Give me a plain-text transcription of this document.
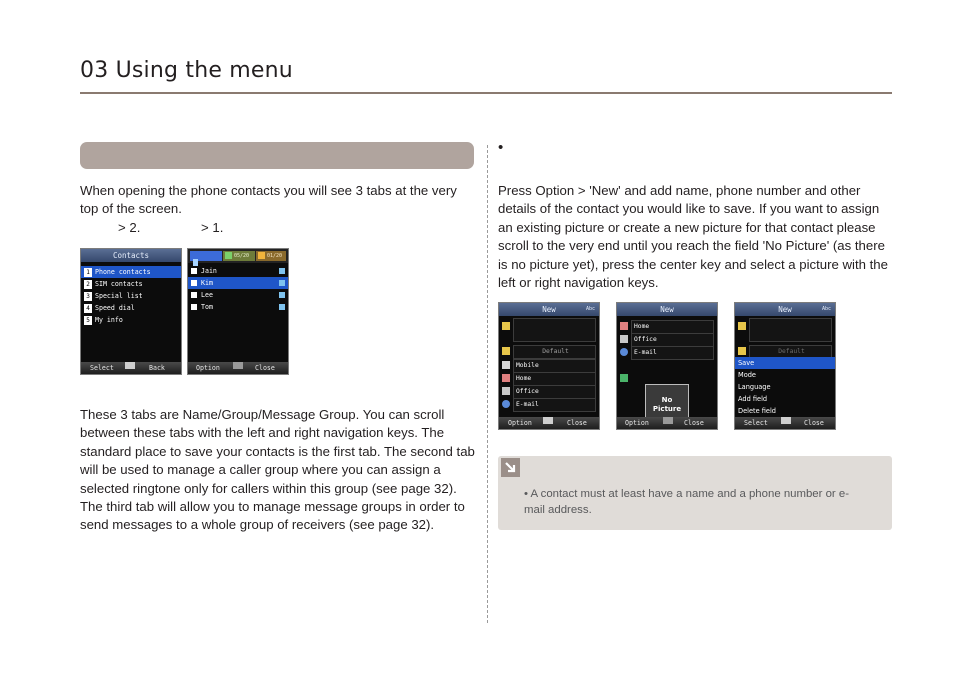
03 Using the menu
When opening the phone contacts you will see 3 tabs at the very top of the screen.
> 2.	> 1.
Contacts
1 Phone contacts
2 SIM contacts
3 Special list
4 Speed dial
5 My info
Select	Back
05/20	01/20
Jain
Kim
Lee
Tom
Option	Close
These 3 tabs are Name/Group/Message Group. You can scroll between these tabs with the left and right navigation keys. The standard place to save your contacts is the first tab. The second tab will be used to manage a caller group where you can assign a selected ringtone only for callers within this group (see page 32). The third tab will allow you to manage message groups in order to send messages to a whole group of receivers (see page 32).
•
Press Option > 'New' and add name, phone number and other details of the contact you would like to save. If you want to assign an existing picture or create a new picture for that contact please scroll to the very end until you reach the field 'No Picture' (as there is no picture yet), press the center key and select a picture with the left or right navigation keys.
New	Abc
Default
Mobile
Home
Office
E-mail
Option	Close
New
Home
Office
E-mail
No
Picture
Option	Close
New	Abc
Default
Save
Mode
Language
Add field
Delete field
Select	Close
• A contact must at least have a name and a phone number or e-mail address.
